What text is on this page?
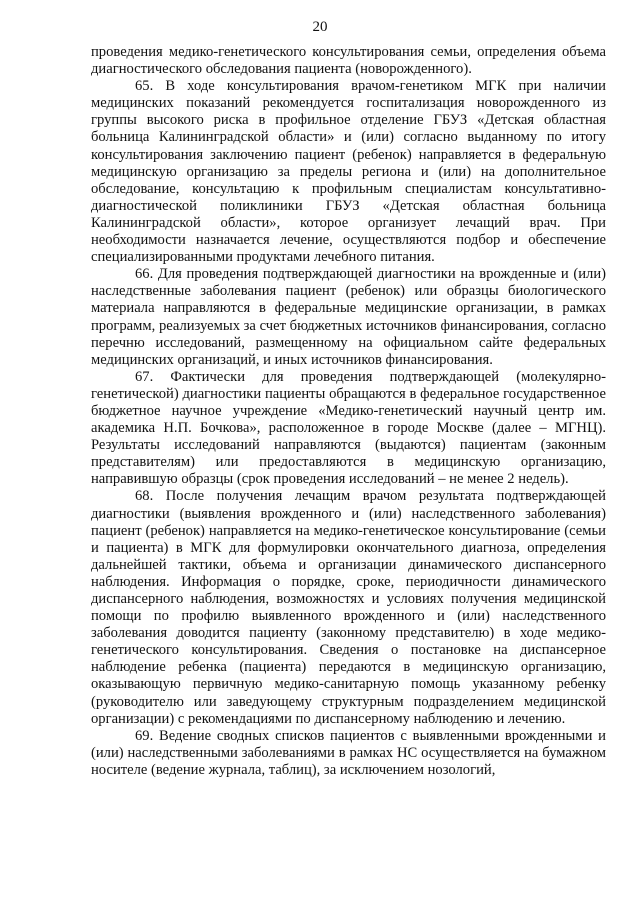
20

проведения медико-генетического консультирования семьи, определения объема диагностического обследования пациента (новорожденного).

65. В ходе консультирования врачом-генетиком МГК при наличии медицинских показаний рекомендуется госпитализация новорожденного из группы высокого риска в профильное отделение ГБУЗ «Детская областная больница Калининградской области» и (или) согласно выданному по итогу консультирования заключению пациент (ребенок) направляется в федеральную медицинскую организацию за пределы региона и (или) на дополнительное обследование, консультацию к профильным специалистам консультативно-диагностической поликлиники ГБУЗ «Детская областная больница Калининградской области», которое организует лечащий врач. При необходимости назначается лечение, осуществляются подбор и обеспечение специализированными продуктами лечебного питания.

66. Для проведения подтверждающей диагностики на врожденные и (или) наследственные заболевания пациент (ребенок) или образцы биологического материала направляются в федеральные медицинские организации, в рамках программ, реализуемых за счет бюджетных источников финансирования, согласно перечню исследований, размещенному на официальном сайте федеральных медицинских организаций, и иных источников финансирования.

67. Фактически для проведения подтверждающей (молекулярно-генетической) диагностики пациенты обращаются в федеральное государственное бюджетное научное учреждение «Медико-генетический научный центр им. академика Н.П. Бочкова», расположенное в городе Москве (далее – МГНЦ). Результаты исследований направляются (выдаются) пациентам (законным представителям) или предоставляются в медицинскую организацию, направившую образцы (срок проведения исследований – не менее 2 недель).

68. После получения лечащим врачом результата подтверждающей диагностики (выявления врожденного и (или) наследственного заболевания) пациент (ребенок) направляется на медико-генетическое консультирование (семьи и пациента) в МГК для формулировки окончательного диагноза, определения дальнейшей тактики, объема и организации динамического диспансерного наблюдения. Информация о порядке, сроке, периодичности динамического диспансерного наблюдения, возможностях и условиях получения медицинской помощи по профилю выявленного врожденного и (или) наследственного заболевания доводится пациенту (законному представителю) в ходе медико-генетического консультирования. Сведения о постановке на диспансерное наблюдение ребенка (пациента) передаются в медицинскую организацию, оказывающую первичную медико-санитарную помощь указанному ребенку (руководителю или заведующему структурным подразделением медицинской организации) с рекомендациями по диспансерному наблюдению и лечению.

69. Ведение сводных списков пациентов с выявленными врожденными и (или) наследственными заболеваниями в рамках НС осуществляется на бумажном носителе (ведение журнала, таблиц), за исключением нозологий,
